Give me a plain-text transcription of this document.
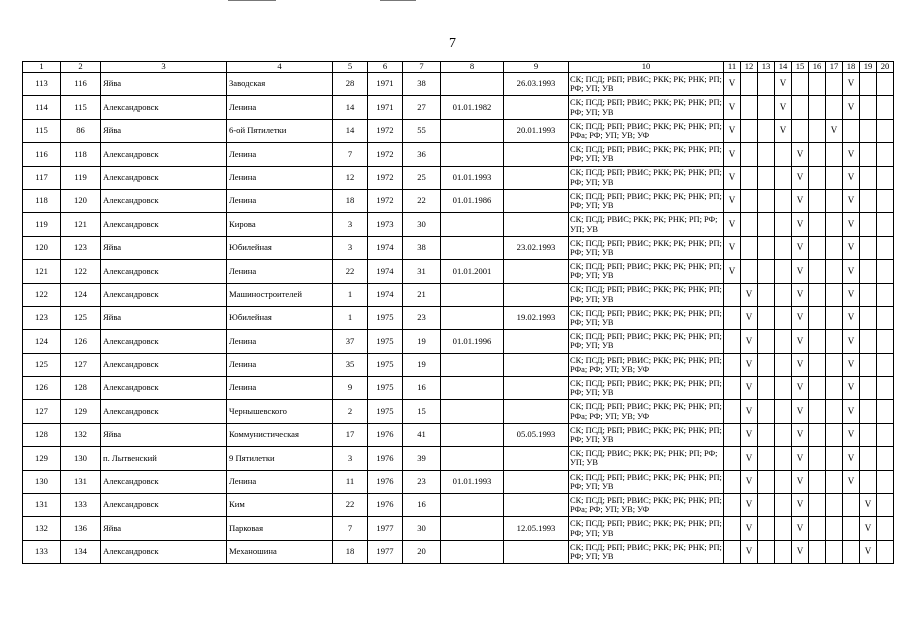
7
1	2	3	4	5	6	7	8	9	10	11	12	13	14	15	16	17	18	19	20
113	116	Яйва	Заводская	28	1971	38		26.03.1993	СК; ПСД; РБП; РВИС; РКК; РК; РНК; РП; РФ; УП; УВ	V			V				V		
114	115	Александровск	Ленина	14	1971	27	01.01.1982		СК; ПСД; РБП; РВИС; РКК; РК; РНК; РП; РФ; УП; УВ	V			V				V		
115	86	Яйва	6-ой Пятилетки	14	1972	55		20.01.1993	СК; ПСД; РБП; РВИС; РКК; РК; РНК; РП; РФа; РФ; УП; УВ; УФ	V			V			V			
116	118	Александровск	Ленина	7	1972	36			СК; ПСД; РБП; РВИС; РКК; РК; РНК; РП; РФ; УП; УВ	V				V			V		
117	119	Александровск	Ленина	12	1972	25	01.01.1993		СК; ПСД; РБП; РВИС; РКК; РК; РНК; РП; РФ; УП; УВ	V				V			V		
118	120	Александровск	Ленина	18	1972	22	01.01.1986		СК; ПСД; РБП; РВИС; РКК; РК; РНК; РП; РФ; УП; УВ	V				V			V		
119	121	Александровск	Кирова	3	1973	30			СК; ПСД; РВИС; РКК; РК; РНК; РП; РФ; УП; УВ	V				V			V		
120	123	Яйва	Юбилейная	3	1974	38		23.02.1993	СК; ПСД; РБП; РВИС; РКК; РК; РНК; РП; РФ; УП; УВ	V				V			V		
121	122	Александровск	Ленина	22	1974	31	01.01.2001		СК; ПСД; РБП; РВИС; РКК; РК; РНК; РП; РФ; УП; УВ	V				V			V		
122	124	Александровск	Машиностроителей	1	1974	21			СК; ПСД; РБП; РВИС; РКК; РК; РНК; РП; РФ; УП; УВ		V			V			V		
123	125	Яйва	Юбилейная	1	1975	23		19.02.1993	СК; ПСД; РБП; РВИС; РКК; РК; РНК; РП; РФ; УП; УВ		V			V			V		
124	126	Александровск	Ленина	37	1975	19	01.01.1996		СК; ПСД; РБП; РВИС; РКК; РК; РНК; РП; РФ; УП; УВ		V			V			V		
125	127	Александровск	Ленина	35	1975	19			СК; ПСД; РБП; РВИС; РКК; РК; РНК; РП; РФа; РФ; УП; УВ; УФ		V			V			V		
126	128	Александровск	Ленина	9	1975	16			СК; ПСД; РБП; РВИС; РКК; РК; РНК; РП; РФ; УП; УВ		V			V			V		
127	129	Александровск	Чернышевского	2	1975	15			СК; ПСД; РБП; РВИС; РКК; РК; РНК; РП; РФа; РФ; УП; УВ; УФ		V			V			V		
128	132	Яйва	Коммунистическая	17	1976	41		05.05.1993	СК; ПСД; РБП; РВИС; РКК; РК; РНК; РП; РФ; УП; УВ		V			V			V		
129	130	п. Лытвенский	9 Пятилетки	3	1976	39			СК; ПСД; РВИС; РКК; РК; РНК; РП; РФ; УП; УВ		V			V			V		
130	131	Александровск	Ленина	11	1976	23	01.01.1993		СК; ПСД; РБП; РВИС; РКК; РК; РНК; РП; РФ; УП; УВ		V			V			V		
131	133	Александровск	Ким	22	1976	16			СК; ПСД; РБП; РВИС; РКК; РК; РНК; РП; РФа; РФ; УП; УВ; УФ		V			V				V	
132	136	Яйва	Парковая	7	1977	30		12.05.1993	СК; ПСД; РБП; РВИС; РКК; РК; РНК; РП; РФ; УП; УВ		V			V				V	
133	134	Александровск	Механошина	18	1977	20			СК; ПСД; РБП; РВИС; РКК; РК; РНК; РП; РФ; УП; УВ		V			V				V	
